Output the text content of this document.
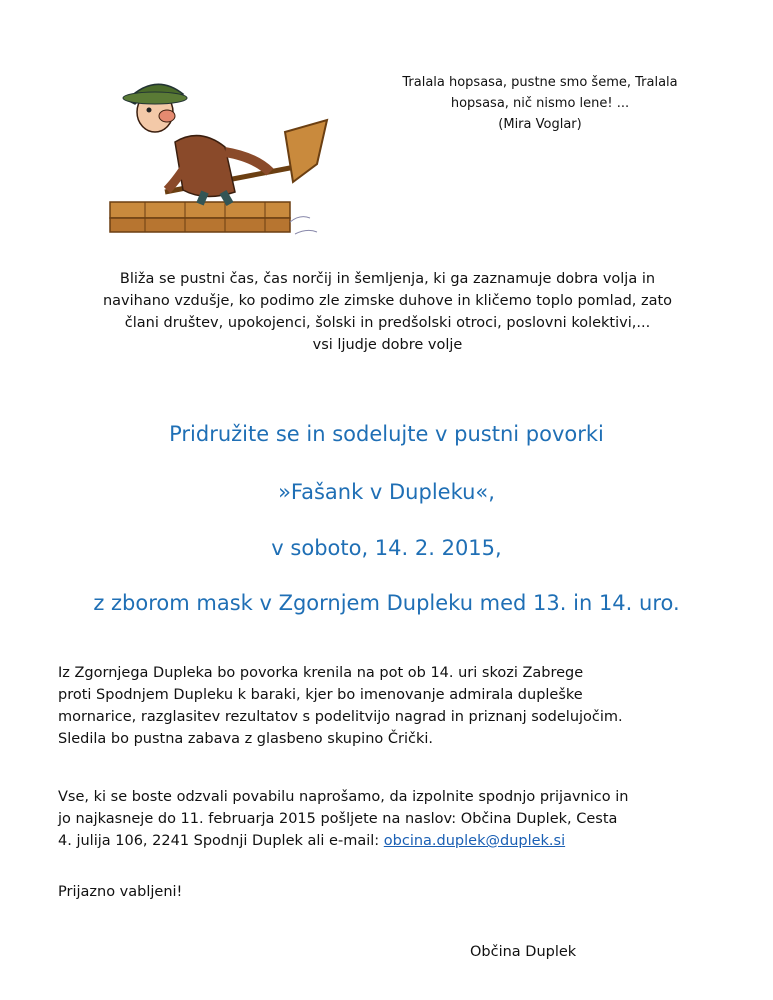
Tralala hopsasa, pustne smo šeme, Tralala
hopsasa, nič nismo lene! ...
(Mira Voglar)
Bliža se pustni čas, čas norčij in šemljenja, ki ga zaznamuje dobra volja in
navihano vzdušje, ko podimo zle zimske duhove in kličemo toplo pomlad, zato
člani društev, upokojenci, šolski in predšolski otroci, poslovni kolektivi,...
vsi ljudje dobre volje
Pridružite se in sodelujte v pustni povorki
»Fašank v Dupleku«,
v soboto, 14. 2. 2015,
z zborom mask v Zgornjem Dupleku med 13. in 14. uro.
Iz Zgornjega Dupleka bo povorka krenila na pot ob 14. uri skozi Zabrege
proti Spodnjem Dupleku k baraki, kjer bo imenovanje admirala dupleške
mornarice, razglasitev rezultatov s podelitvijo nagrad in priznanj sodelujočim.
Sledila bo pustna zabava z glasbeno skupino Črički.
Vse, ki se boste odzvali povabilu naprošamo, da izpolnite spodnjo prijavnico in
jo najkasneje do 11. februarja 2015 pošljete na naslov: Občina Duplek, Cesta
4. julija 106, 2241 Spodnji Duplek ali e-mail: obcina.duplek@duplek.si
Prijazno vabljeni!
Občina Duplek
